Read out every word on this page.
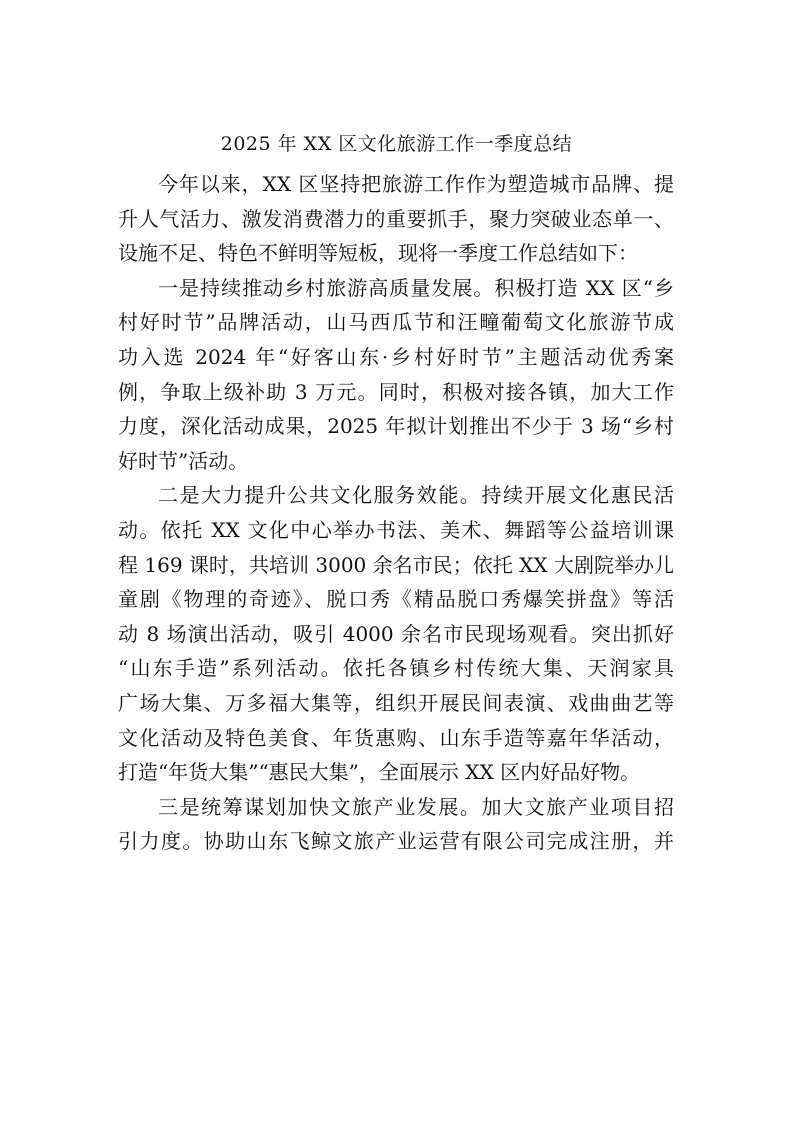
2025 年 XX 区文化旅游工作一季度总结
今年以来，XX 区坚持把旅游工作作为塑造城市品牌、提
升人气活力、激发消费潜力的重要抓手，聚力突破业态单一、
设施不足、特色不鲜明等短板，现将一季度工作总结如下：
一是持续推动乡村旅游高质量发展。积极打造 XX 区“乡
村好时节”品牌活动，山马西瓜节和汪疃葡萄文化旅游节成
功入选 2024 年“好客山东·乡村好时节”主题活动优秀案
例，争取上级补助 3 万元。同时，积极对接各镇，加大工作
力度，深化活动成果，2025 年拟计划推出不少于 3 场“乡村
好时节”活动。
二是大力提升公共文化服务效能。持续开展文化惠民活
动。依托 XX 文化中心举办书法、美术、舞蹈等公益培训课
程 169 课时，共培训 3000 余名市民；依托 XX 大剧院举办儿
童剧《物理的奇迹》、脱口秀《精品脱口秀爆笑拼盘》等活
动 8 场演出活动，吸引 4000 余名市民现场观看。突出抓好
“山东手造”系列活动。依托各镇乡村传统大集、天润家具
广场大集、万多福大集等，组织开展民间表演、戏曲曲艺等
文化活动及特色美食、年货惠购、山东手造等嘉年华活动，
打造“年货大集”“惠民大集”，全面展示 XX 区内好品好物。
三是统筹谋划加快文旅产业发展。加大文旅产业项目招
引力度。协助山东飞鲸文旅产业运营有限公司完成注册，并
